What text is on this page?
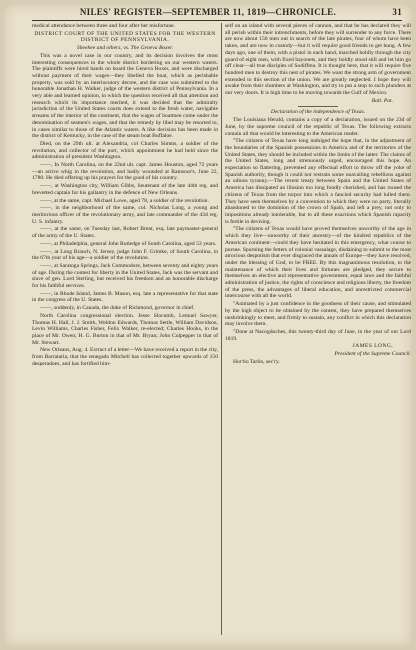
NILES' REGISTER—SEPTEMBER 11, 1819—CHRONICLE.	31

medical attendance between three and four after her misfortune.

DISTRICT COURT OF THE UNITED STATES FOR THE WESTERN DISTRICT OF PENNSYLVANIA.

Sheehee and others, vs. The Geneva Boxer.

This was a novel case in our country, and its decision involves the most interesting consequences to the whole district bordering on our western waters. The plaintiffs were hired hands on board the Geneva Boxer, and were discharged without payment of their wages—they libelled the boat, which as perishable property, was sold by an interlocutory decree, and the case was submitted to the honorable Jonathan H. Walker, judge of the western district of Pennsylvania. In a very able and learned opinion, in which the question received all that attention and research which its importance merited, it was decided that the admiralty jurisdiction of the United States courts does extend to the fresh water, navigable streams of the interior of the continent, that the wages of boatmen come under the denomination of seamen's wages, and that the remedy by libel may be resorted to, in cases similar to those of the Atlantic waters. A like decision has been made in the district of Kentucky, in the case of the steam boat Buffaloe.

Died, on the 29th ult. at Alexandria, col Charles Simms, a soldier of the revolution, and collector of the port, which appointment he had held since the administration of president Washington.

——, In North Carolina, on the 22nd ult. capt. James Houston, aged 72 years—an active whig in the revolution, and badly wounded at Ramsour's, June 22, 1780. He died offering up his prayers for the good of his country.

——, at Washington city, William Gibbs, lieutenant of the late 44th reg. and brevetted captain for his gallantry in the defence of New Orleans.

——, at the same, capt. Michael Lowe, aged 78, a soldier of the revolution.

——, in the neighborhood of the same, col. Nicholas Long, a young and meritorious officer of the revolutionary army, and late commander of the 43d reg. U. S. infantry.

——, at the same, on Tuesday last, Robert Brent, esq. late paymaster-general of the army of the U. States.

——, at Philadelphia, general John Rutledge of South Carolina, aged 53 years.

——, at Long Branch, N. Jersey, judge John F. Grimke, of South Carolina, in the 67th year of his age—a soldier of the revolution.

——, at Saratoga Springs, Jack Commodore, between seventy and eighty years of age. During the contest for liberty in the United States, Jack was the servant and slave of gen. Lord Sterling, but received his freedom and an honorable discharge for his faithful services.

——, in Rhode Island, James B. Mason, esq. late a representative for that state in the congress of the U. States.

——, suddenly, in Canada, the duke of Richmond, governor in chief.

North Carolina congressional election. Jesse Slocumb, Lemuel Sawyer, Thomas H. Hall, J. J. Smith, Weldon Edwards, Thomas Settle, William Davidson, Levin Williams, Charles Fisher, Felix Walker, re-elected; Charles Hooks, in the place of Mr. Owen; H. G. Burton in that of Mr. Bryan; John Culpepper in that of Mr. Stewart.

New Orleans, Aug. 4. Extract of a letter—We have received a report in the city, from Barrataria, that the renegado Mitchell has collected together upwards of 150 desperadoes, and has fortified him-

self on an island with several pieces of cannon, and that he has declared they will all perish within their intrenchments, before they will surrender to any force. There are now about 150 men out in search of the late pirates, four of whom have been taken, and are now in custody—but it will require good friends to get hung. A few days ago, one of them, with a pistol in each hand, marched boldly through the city guard of eight men, with fixed bayonets, and they boldly stood still and let him go off clear—all true disciples of Sodiffrea. It is thought here, that it will require five hundred men to destroy this nest of pirates. We want the strong arm of government extended to this section of the union. We are greatly neglected. I hope they will awake from their slumbers at Washington, and try to put a stop to such plunders at our very doors. It is high time to be moving towards the Gulf of Mexico.

Balt. Pat.

Declaration of the independence of Texas.

The Louisiana Herald, contains a copy of a declaration, issued on the 23d of June, by the supreme council of the republic of Texas. The following extracts contain all that would be interesting to the American reader.

"The citizens of Texas have long indulged the hope that, in the adjustment of the boundaries of the Spanish possessions in America and of the territories of the United States, they should be included within the limits of the latter. The claims of the United States, long and strenuously urged, encouraged this hope. An expectation so flattering, prevented any effectual effort to throw off the yoke of Spanish authority, though it could not restrain some unavailing rebellions against an odious tyranny.—The recent treaty between Spain and the United States of America has dissipated an illusion too long fondly cherished, and has roused the citizens of Texas from the torpor into which a fancied security had lulled them. They have seen themselves by a convention to which they were no party, literally abandoned to the dominion of the crown of Spain, and left a prey, not only to impositions already intolerable, but to all these exactions which Spanish rapacity is fertile in devising.

"The citizens of Texas would have proved themselves unworthy of the age in which they live—unworthy of their ancestry—of the kindred republics of the American continent—could they have hesitated in this emergency, what course to pursue. Spurning the fetters of colonial vassalage, disdaining to submit to the most atrocious despotism that ever disgraced the annals of Europe—they have resolved, under the blessing of God, to be FREE. By this magnanimous resolution, to the maintenance of which their lives and fortunes are pledged, they secure to themselves an elective and representative government, equal laws and the faithful administration of justice, the rights of conscience and religious liberty, the freedom of the press, the advantages of liberal education, and unrestricted commercial intercourse with all the world.

"Animated by a just confidence in the goodness of their cause, and stimulated by the high object to be obtained by the contest, they have prepared themselves unshrinkingly to meet, and firmly to sustain, any conflict in which this declaration may involve them.

"Done at Nacogdoches, this twenty-third day of June, in the year of our Lord 1819.

JAMES LONG,

President of the Supreme Council.

Hor'tio Tarlin, sec'ry.
